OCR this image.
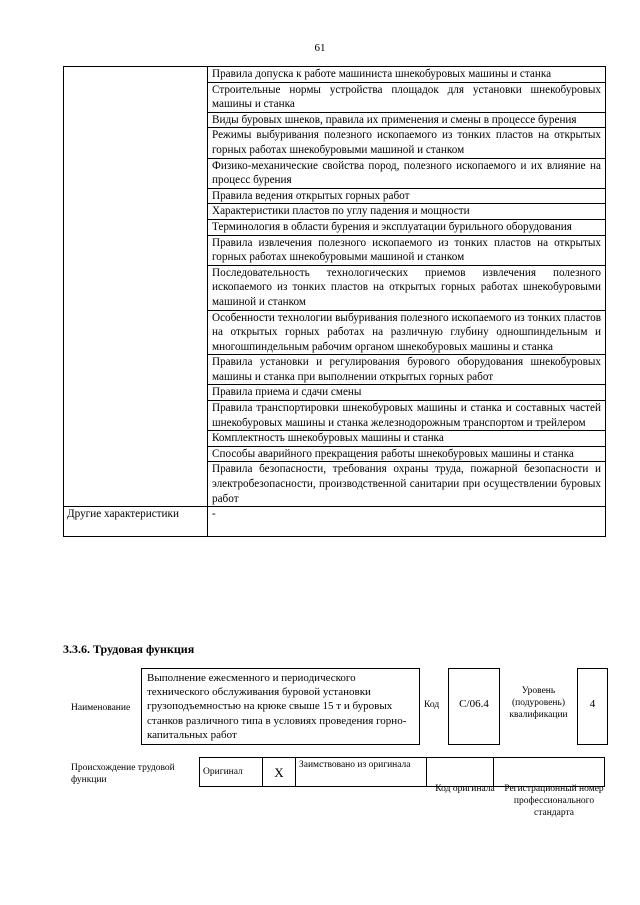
61
	Правила допуска к работе машиниста шнекобуровых машины и станка
	Строительные нормы устройства площадок для установки шнекобуровых машины и станка
	Виды буровых шнеков, правила их применения и смены в процессе бурения
	Режимы выбуривания полезного ископаемого из тонких пластов на открытых горных работах шнекобуровыми машиной и станком
	Физико-механические свойства пород, полезного ископаемого и их влияние на процесс бурения
	Правила ведения открытых горных работ
	Характеристики пластов по углу падения и мощности
	Терминология в области бурения и эксплуатации бурильного оборудования
	Правила извлечения полезного ископаемого из тонких пластов на открытых горных работах шнекобуровыми машиной и станком
	Последовательность технологических приемов извлечения полезного ископаемого из тонких пластов на открытых горных работах шнекобуровыми машиной и станком
	Особенности технологии выбуривания полезного ископаемого из тонких пластов на открытых горных работах на различную глубину одношпиндельным и многошпиндельным рабочим органом шнекобуровых машины и станка
	Правила установки и регулирования бурового оборудования шнекобуровых машины и станка при выполнении открытых горных работ
	Правила приема и сдачи смены
	Правила транспортировки шнекобуровых машины и станка и составных частей шнекобуровых машины и станка железнодорожным транспортом и трейлером
	Комплектность шнекобуровых машины и станка
	Способы аварийного прекращения работы шнекобуровых машины и станка
	Правила безопасности, требования охраны труда, пожарной безопасности и электробезопасности, производственной санитарии при осуществлении буровых работ
Другие характеристики	-
3.3.6. Трудовая функция
Наименование
Выполнение ежесменного и периодического технического обслуживания буровой установки грузоподъемностью на крюке свыше 15 т и буровых станков различного типа в условиях проведения горно-капитальных работ
Код	С/06.4
Уровень (подуровень) квалификации
4
Происхождение трудовой функции
Оригинал	X	Заимствовано из оригинала		
Код оригинала	Регистрационный номер профессионального стандарта
